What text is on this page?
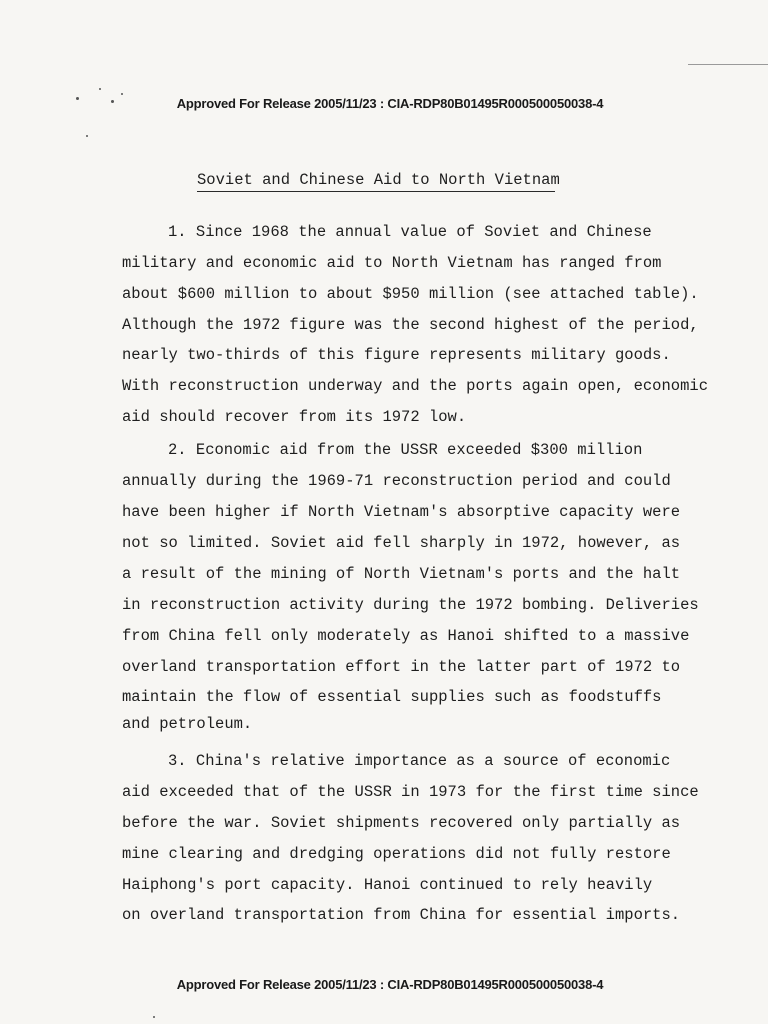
Approved For Release 2005/11/23 : CIA-RDP80B01495R000500050038-4
Soviet and Chinese Aid to North Vietnam
1. Since 1968 the annual value of Soviet and Chinese
military and economic aid to North Vietnam has ranged from
about $600 million to about $950 million (see attached table).
Although the 1972 figure was the second highest of the period,
nearly two-thirds of this figure represents military goods.
With reconstruction underway and the ports again open, economic
aid should recover from its 1972 low.
2. Economic aid from the USSR exceeded $300 million
annually during the 1969-71 reconstruction period and could
have been higher if North Vietnam's absorptive capacity were
not so limited. Soviet aid fell sharply in 1972, however, as
a result of the mining of North Vietnam's ports and the halt
in reconstruction activity during the 1972 bombing. Deliveries
from China fell only moderately as Hanoi shifted to a massive
overland transportation effort in the latter part of 1972 to
maintain the flow of essential supplies such as foodstuffs
and petroleum.
3. China's relative importance as a source of economic
aid exceeded that of the USSR in 1973 for the first time since
before the war. Soviet shipments recovered only partially as
mine clearing and dredging operations did not fully restore
Haiphong's port capacity. Hanoi continued to rely heavily
on overland transportation from China for essential imports.
Approved For Release 2005/11/23 : CIA-RDP80B01495R000500050038-4
